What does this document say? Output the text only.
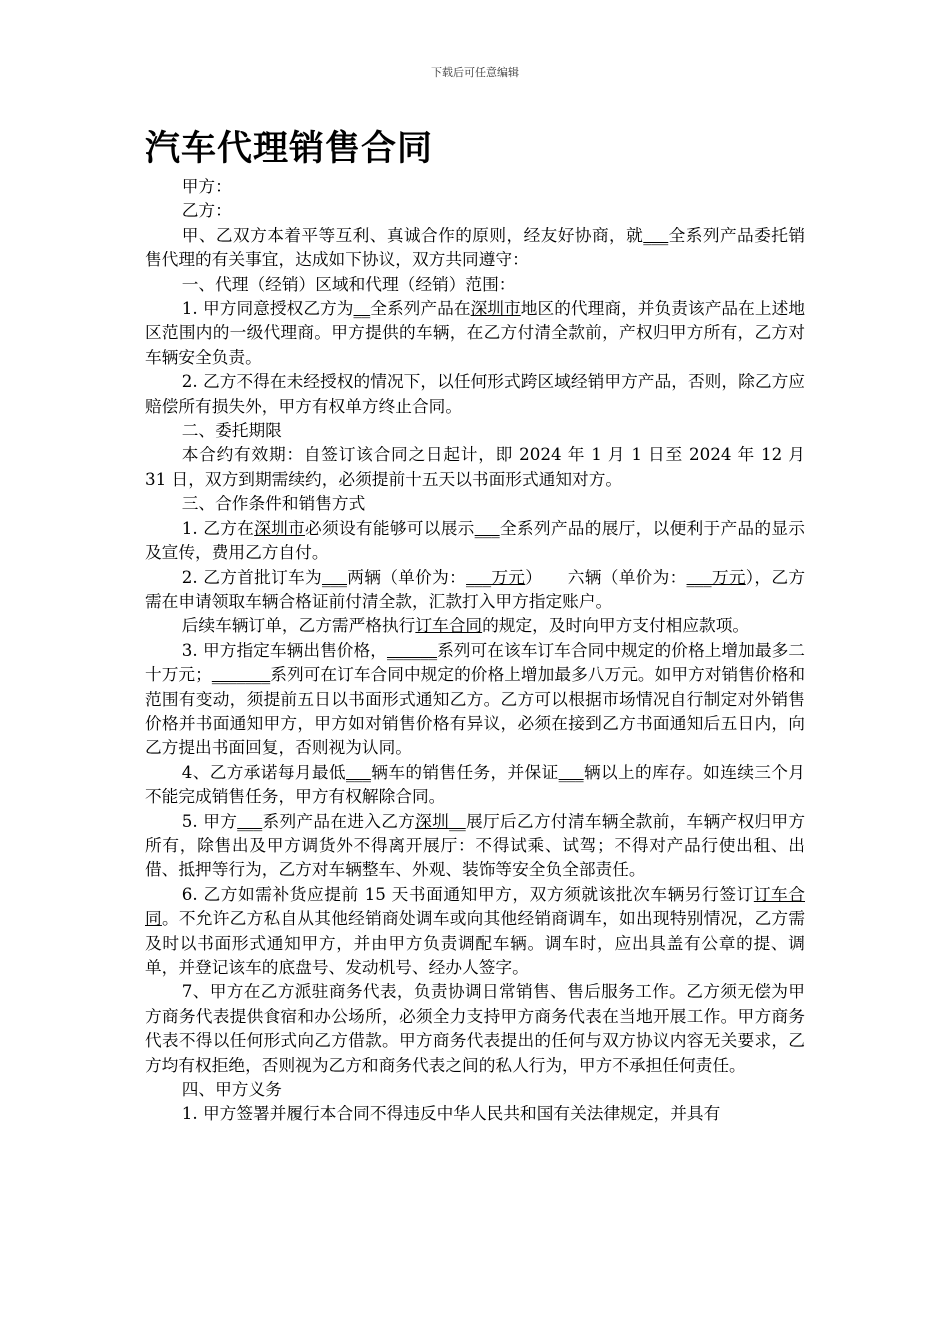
下载后可任意编辑
汽车代理销售合同

甲方：

乙方：

甲、乙双方本着平等互利、真诚合作的原则，经友好协商，就___全系列产品委托销售代理的有关事宜，达成如下协议，双方共同遵守：

一、代理（经销）区域和代理（经销）范围：

1. 甲方同意授权乙方为__全系列产品在深圳市地区的代理商，并负责该产品在上述地区范围内的一级代理商。甲方提供的车辆，在乙方付清全款前，产权归甲方所有，乙方对车辆安全负责。

2. 乙方不得在未经授权的情况下，以任何形式跨区域经销甲方产品，否则，除乙方应赔偿所有损失外，甲方有权单方终止合同。

二、委托期限

本合约有效期：自签订该合同之日起计，即 2024 年 1 月 1 日至 2024 年 12 月 31 日，双方到期需续约，必须提前十五天以书面形式通知对方。

三、合作条件和销售方式

1. 乙方在深圳市必须设有能够可以展示___全系列产品的展厅，以便利于产品的显示及宣传，费用乙方自付。

2. 乙方首批订车为___两辆（单价为：___万元）　　六辆（单价为：___万元），乙方需在申请领取车辆合格证前付清全款，汇款打入甲方指定账户。

后续车辆订单，乙方需严格执行订车合同的规定，及时向甲方支付相应款项。

3. 甲方指定车辆出售价格，______系列可在该车订车合同中规定的价格上增加最多二十万元；_______系列可在订车合同中规定的价格上增加最多八万元。如甲方对销售价格和范围有变动，须提前五日以书面形式通知乙方。乙方可以根据市场情况自行制定对外销售价格并书面通知甲方，甲方如对销售价格有异议，必须在接到乙方书面通知后五日内，向乙方提出书面回复，否则视为认同。

4、乙方承诺每月最低___辆车的销售任务，并保证___辆以上的库存。如连续三个月不能完成销售任务，甲方有权解除合同。

5. 甲方___系列产品在进入乙方深圳__展厅后乙方付清车辆全款前，车辆产权归甲方所有，除售出及甲方调货外不得离开展厅：不得试乘、试驾；不得对产品行使出租、出借、抵押等行为，乙方对车辆整车、外观、装饰等安全负全部责任。

6. 乙方如需补货应提前 15 天书面通知甲方，双方须就该批次车辆另行签订订车合同。不允许乙方私自从其他经销商处调车或向其他经销商调车，如出现特别情况，乙方需及时以书面形式通知甲方，并由甲方负责调配车辆。调车时，应出具盖有公章的提、调单，并登记该车的底盘号、发动机号、经办人签字。

7、甲方在乙方派驻商务代表，负责协调日常销售、售后服务工作。乙方须无偿为甲方商务代表提供食宿和办公场所，必须全力支持甲方商务代表在当地开展工作。甲方商务代表不得以任何形式向乙方借款。甲方商务代表提出的任何与双方协议内容无关要求，乙方均有权拒绝，否则视为乙方和商务代表之间的私人行为，甲方不承担任何责任。

四、甲方义务

1. 甲方签署并履行本合同不得违反中华人民共和国有关法律规定，并具有
